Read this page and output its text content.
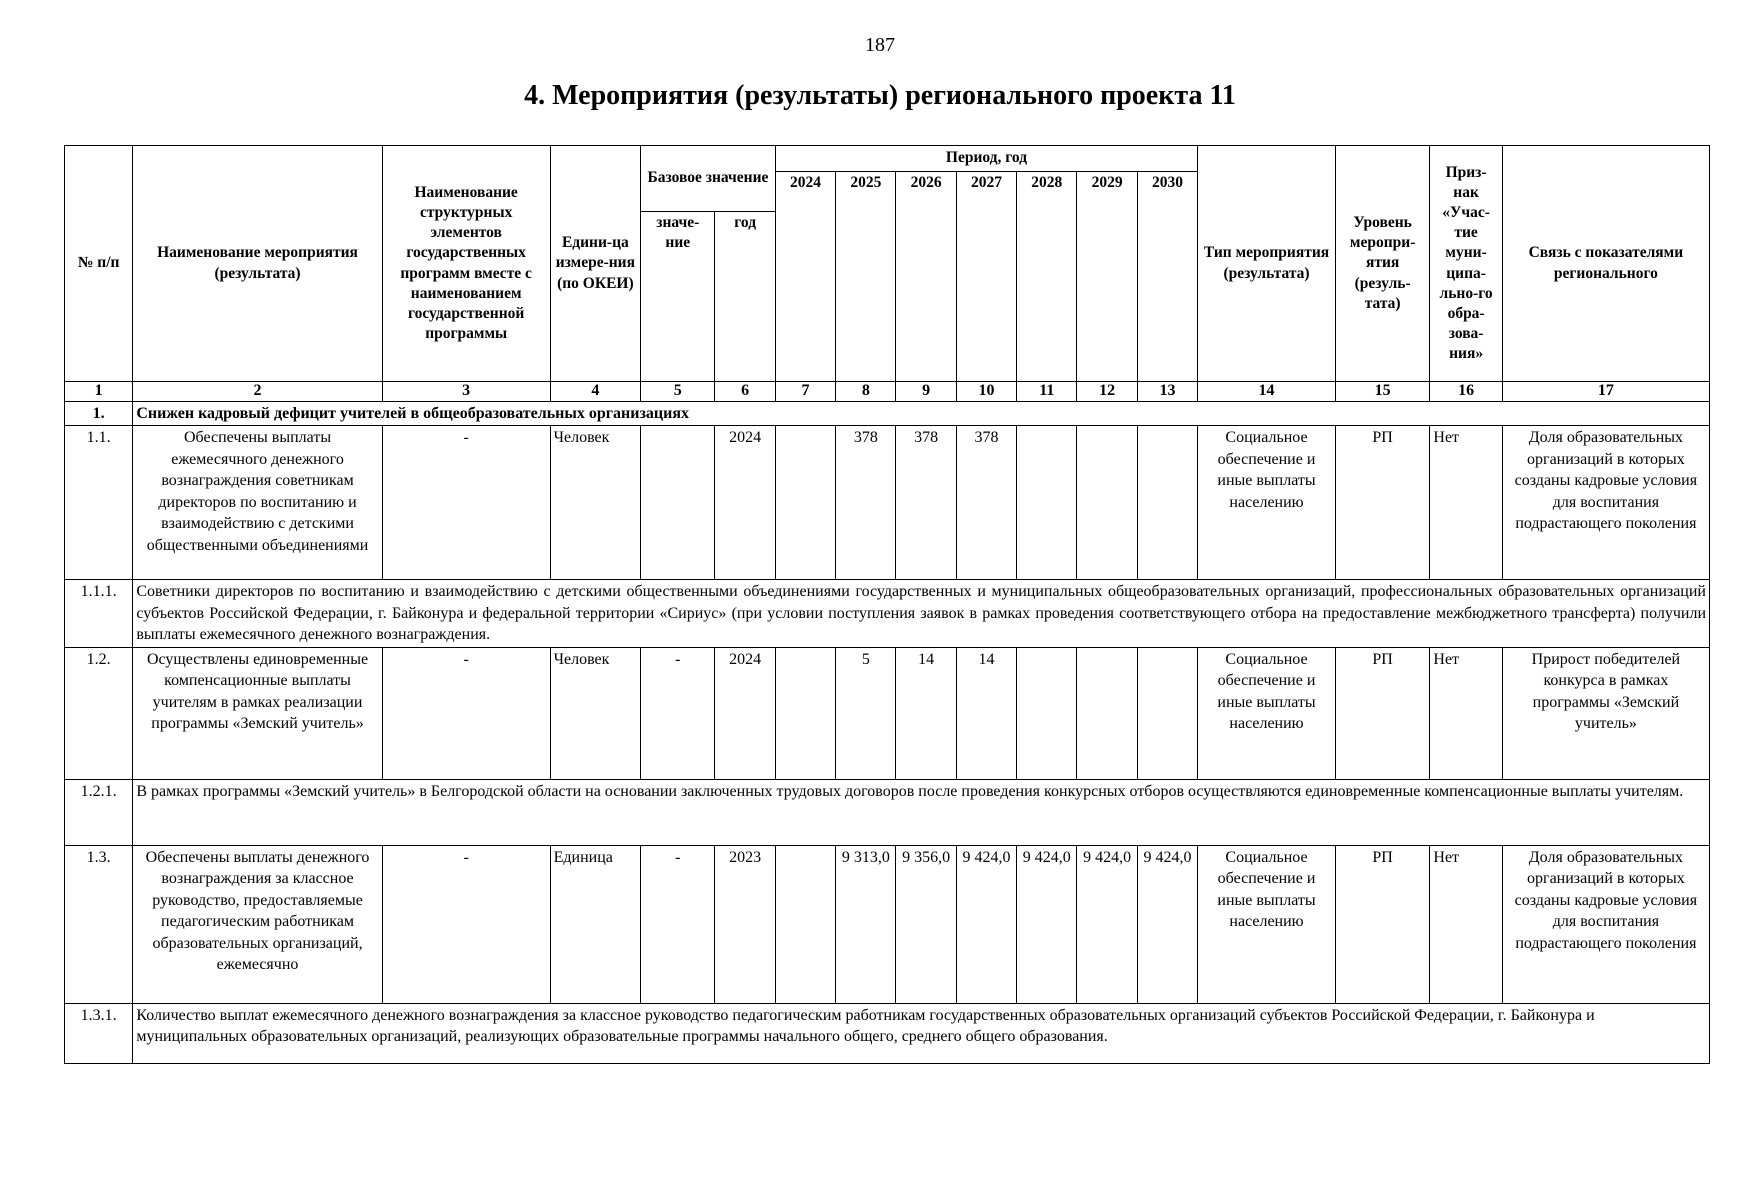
187
4. Мероприятия (результаты) регионального проекта 11
№ п/п	Наименование мероприятия (результата)	Наименование структурных элементов государственных программ вместе с наименованием государственной программы	Едини-ца измере-ния (по ОКЕИ)	Базовое значение		Период, год							Тип мероприятия (результата)	Уровень меропри-ятия (резуль-тата)	Приз-нак «Учас-тие муни-ципа-льно-го обра-зова-ния»	Связь с показателями регионального
						2024	2025	2026	2027	2028	2029	2030				
				значе-ние	год											
1	2	3	4	5	6	7	8	9	10	11	12	13	14	15	16	17
1.	Снижен кадровый дефицит учителей в общеобразовательных организациях															
1.1.	Обеспечены выплаты ежемесячного денежного вознаграждения советникам директоров по воспитанию и взаимодействию с детскими общественными объединениями	-	Человек		2024		378	378	378				Социальное обеспечение и иные выплаты населению	РП	Нет	Доля образовательных организаций в которых созданы кадровые условия для воспитания подрастающего поколения
1.1.1.	Советники директоров по воспитанию и взаимодействию с детскими общественными объединениями государственных и муниципальных общеобразовательных организаций, профессиональных образовательных организаций субъектов Российской Федерации, г. Байконура и федеральной территории «Сириус» (при условии поступления заявок в рамках проведения соответствующего отбора на предоставление межбюджетного трансферта) получили выплаты ежемесячного денежного вознаграждения.															
1.2.	Осуществлены единовременные компенсационные выплаты учителям в рамках реализации программы «Земский учитель»	-	Человек	-	2024		5	14	14				Социальное обеспечение и иные выплаты населению	РП	Нет	Прирост победителей конкурса в рамках программы «Земский учитель»
1.2.1.	В рамках программы «Земский учитель» в Белгородской области на основании заключенных трудовых договоров после проведения конкурсных отборов осуществляются единовременные компенсационные выплаты учителям.															
1.3.	Обеспечены выплаты денежного вознаграждения за классное руководство, предоставляемые педагогическим работникам образовательных организаций, ежемесячно	-	Единица	-	2023		9 313,0	9 356,0	9 424,0	9 424,0	9 424,0	9 424,0	Социальное обеспечение и иные выплаты населению	РП	Нет	Доля образовательных организаций в которых созданы кадровые условия для воспитания подрастающего поколения
1.3.1.	Количество выплат ежемесячного денежного вознаграждения за классное руководство педагогическим работникам государственных образовательных организаций субъектов Российской Федерации, г. Байконура и муниципальных образовательных организаций, реализующих образовательные программы начального общего, среднего общего образования.															
